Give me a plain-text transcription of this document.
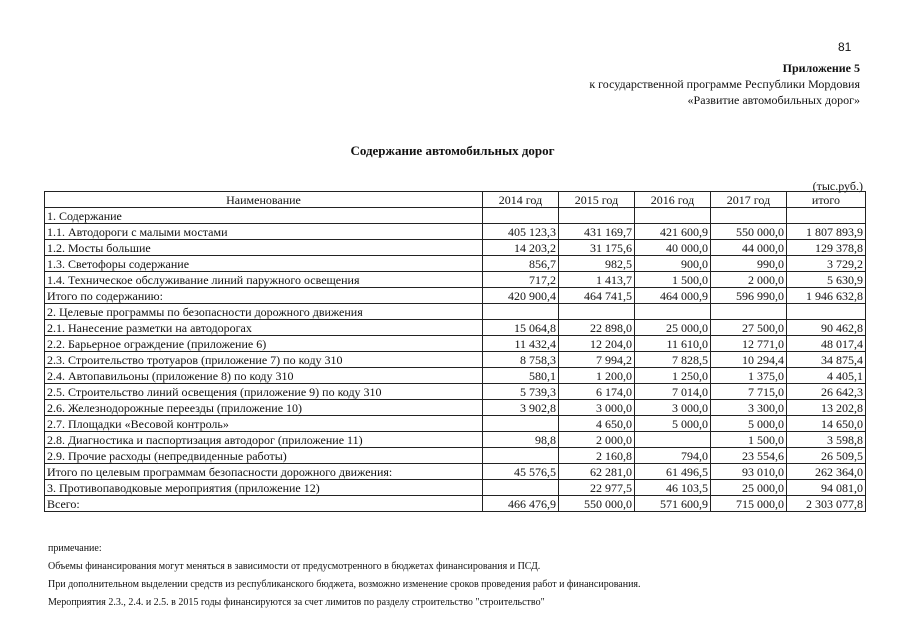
81
Приложение 5
к государственной программе Республики Мордовия
«Развитие автомобильных дорог»
Содержание автомобильных дорог
(тыс.руб.)
Наименование	2014 год	2015 год	2016 год	2017 год	итого
1. Содержание					
1.1. Автодороги с малыми мостами	405 123,3	431 169,7	421 600,9	550 000,0	1 807 893,9
1.2. Мосты большие	14 203,2	31 175,6	40 000,0	44 000,0	129 378,8
1.3. Светофоры содержание	856,7	982,5	900,0	990,0	3 729,2
1.4. Техническое обслуживание линий паружного освещения	717,2	1 413,7	1 500,0	2 000,0	5 630,9
Итого по содержанию:	420 900,4	464 741,5	464 000,9	596 990,0	1 946 632,8
2. Целевые программы по безопасности дорожного движения					
2.1. Нанесение разметки на автодорогах	15 064,8	22 898,0	25 000,0	27 500,0	90 462,8
2.2. Барьерное ограждение (приложение 6)	11 432,4	12 204,0	11 610,0	12 771,0	48 017,4
2.3. Строительство тротуаров (приложение 7) по коду 310	8 758,3	7 994,2	7 828,5	10 294,4	34 875,4
2.4. Автопавильоны (приложение 8) по коду 310	580,1	1 200,0	1 250,0	1 375,0	4 405,1
2.5. Строительство линий освещения (приложение 9) по коду 310	5 739,3	6 174,0	7 014,0	7 715,0	26 642,3
2.6. Железнодорожные переезды (приложение 10)	3 902,8	3 000,0	3 000,0	3 300,0	13 202,8
2.7. Площадки «Весовой контроль»		4 650,0	5 000,0	5 000,0	14 650,0
2.8. Диагностика и паспортизация автодорог (приложение 11)	98,8	2 000,0		1 500,0	3 598,8
2.9. Прочие расходы (непредвиденные работы)		2 160,8	794,0	23 554,6	26 509,5
Итого по целевым программам безопасности дорожного движения:	45 576,5	62 281,0	61 496,5	93 010,0	262 364,0
3. Противопаводковые мероприятия (приложение 12)		22 977,5	46 103,5	25 000,0	94 081,0
Всего:	466 476,9	550 000,0	571 600,9	715 000,0	2 303 077,8
примечание:
Объемы финансирования могут меняться в зависимости от предусмотренного в бюджетах финансирования и ПСД.
При дополнительном выделении средств из республиканского бюджета, возможно изменение сроков проведения работ и финансирования.
Мероприятия 2.3., 2.4. и 2.5. в 2015 годы финансируются за счет лимитов по разделу строительство "строительство"
